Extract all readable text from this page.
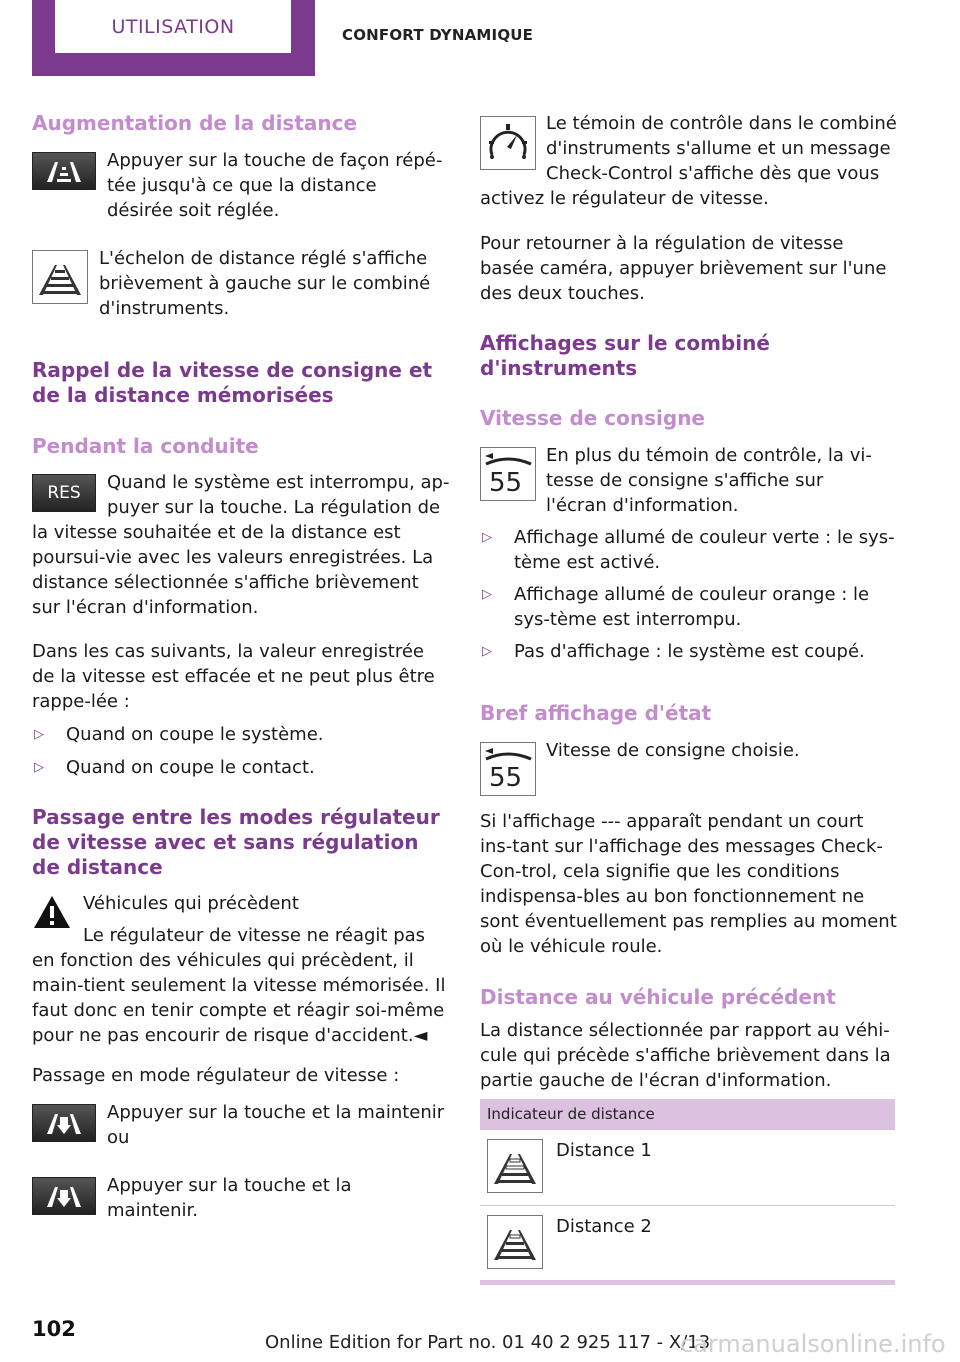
UTILISATION	CONFORT DYNAMIQUE
Augmentation de la distance
Appuyer sur la touche de façon répé‐tée jusqu'à ce que la distance désirée soit réglée.
L'échelon de distance réglé s'affiche brièvement à gauche sur le combiné d'instruments.
Rappel de la vitesse de consigne et de la distance mémorisées
Pendant la conduite
RES	Quand le système est interrompu, ap‐puyer sur la touche. La régulation de la vitesse souhaitée et de la distance est poursui‐vie avec les valeurs enregistrées. La distance sélectionnée s'affiche brièvement sur l'écran d'information.
Dans les cas suivants, la valeur enregistrée de la vitesse est effacée et ne peut plus être rappe‐lée :
▷ Quand on coupe le système.
▷ Quand on coupe le contact.
Passage entre les modes régulateur de vitesse avec et sans régulation de distance
Véhicules qui précèdent
Le régulateur de vitesse ne réagit pas en fonction des véhicules qui précèdent, il main‐tient seulement la vitesse mémorisée. Il faut donc en tenir compte et réagir soi-même pour ne pas encourir de risque d'accident.◄
Passage en mode régulateur de vitesse :
Appuyer sur la touche et la maintenir ou
Appuyer sur la touche et la maintenir.
Le témoin de contrôle dans le combiné d'instruments s'allume et un message Check-Control s'affiche dès que vous activez le régulateur de vitesse.
Pour retourner à la régulation de vitesse basée caméra, appuyer brièvement sur l'une des deux touches.
Affichages sur le combiné d'instruments
Vitesse de consigne
55
En plus du témoin de contrôle, la vi‐tesse de consigne s'affiche sur l'écran d'information.
▷ Affichage allumé de couleur verte : le sys‐tème est activé.
▷ Affichage allumé de couleur orange : le sys‐tème est interrompu.
▷ Pas d'affichage : le système est coupé.
Bref affichage d'état
55
Vitesse de consigne choisie.
Si l'affichage --- apparaît pendant un court ins‐tant sur l'affichage des messages Check-Con‐trol, cela signifie que les conditions indispensa‐bles au bon fonctionnement ne sont éventuellement pas remplies au moment où le véhicule roule.
Distance au véhicule précédent
La distance sélectionnée par rapport au véhi‐cule qui précède s'affiche brièvement dans la partie gauche de l'écran d'information.
Indicateur de distance
Distance 1
Distance 2
102
Online Edition for Part no. 01 40 2 925 117 - X/13
carmanualsonline.info
